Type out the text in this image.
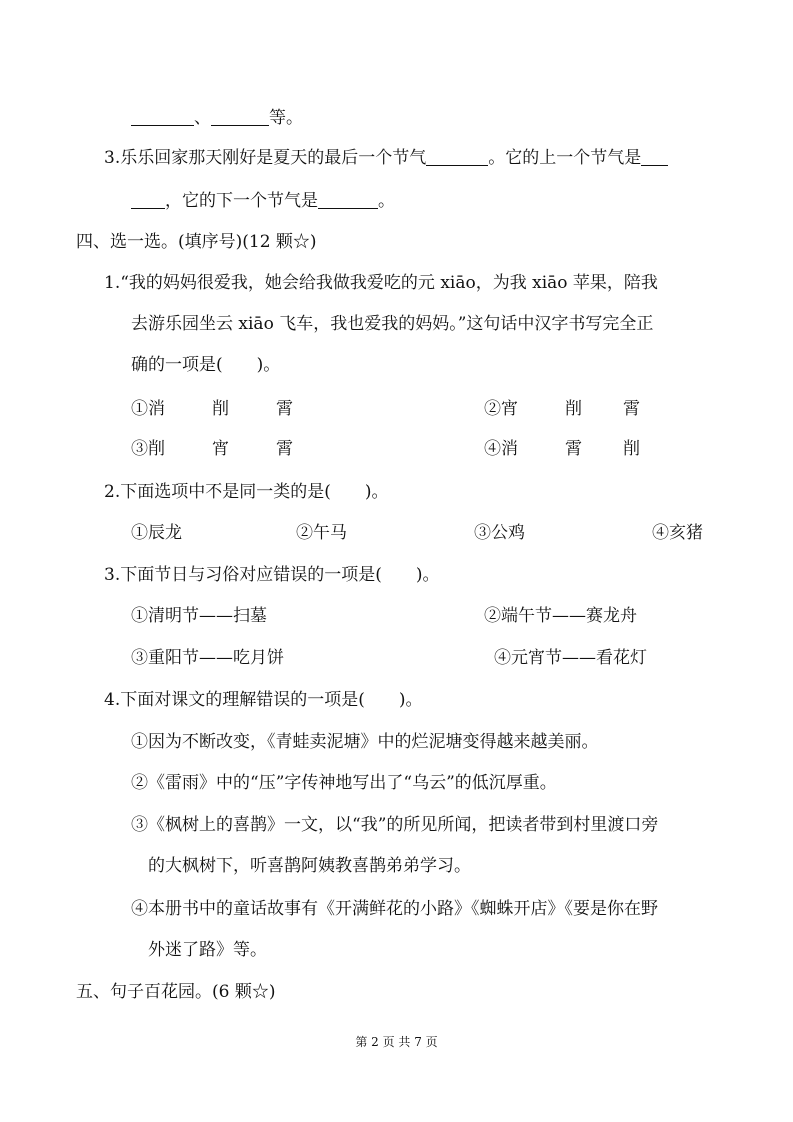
、	等。
3.乐乐回家那天刚好是夏天的最后一个节气	。它的上一个节气是
，它的下一个节气是	。
四、选一选。(填序号)(12 颗☆)
1.“我的妈妈很爱我，她会给我做我爱吃的元 xiāo，为我 xiāo 苹果，陪我
去游乐园坐云 xiāo 飞车，我也爱我的妈妈。”这句话中汉字书写完全正
确的一项是(　　)。
①消	削	霄	②宵	削 霄
③削	宵	霄	④消	霄 削
2.下面选项中不是同一类的是(　　)。
①辰龙	②午马	③公鸡	④亥猪
3.下面节日与习俗对应错误的一项是(　　)。
①清明节——扫墓	②端午节——赛龙舟
③重阳节——吃月饼	④元宵节——看花灯
4.下面对课文的理解错误的一项是(　　)。
①因为不断改变，《青蛙卖泥塘》中的烂泥塘变得越来越美丽。
②《雷雨》中的“压”字传神地写出了“乌云”的低沉厚重。
③《枫树上的喜鹊》一文，以“我”的所见所闻，把读者带到村里渡口旁
的大枫树下，听喜鹊阿姨教喜鹊弟弟学习。
④本册书中的童话故事有《开满鲜花的小路》《蜘蛛开店》《要是你在野
外迷了路》等。
五、句子百花园。(6 颗☆)
第 2 页 共 7 页
